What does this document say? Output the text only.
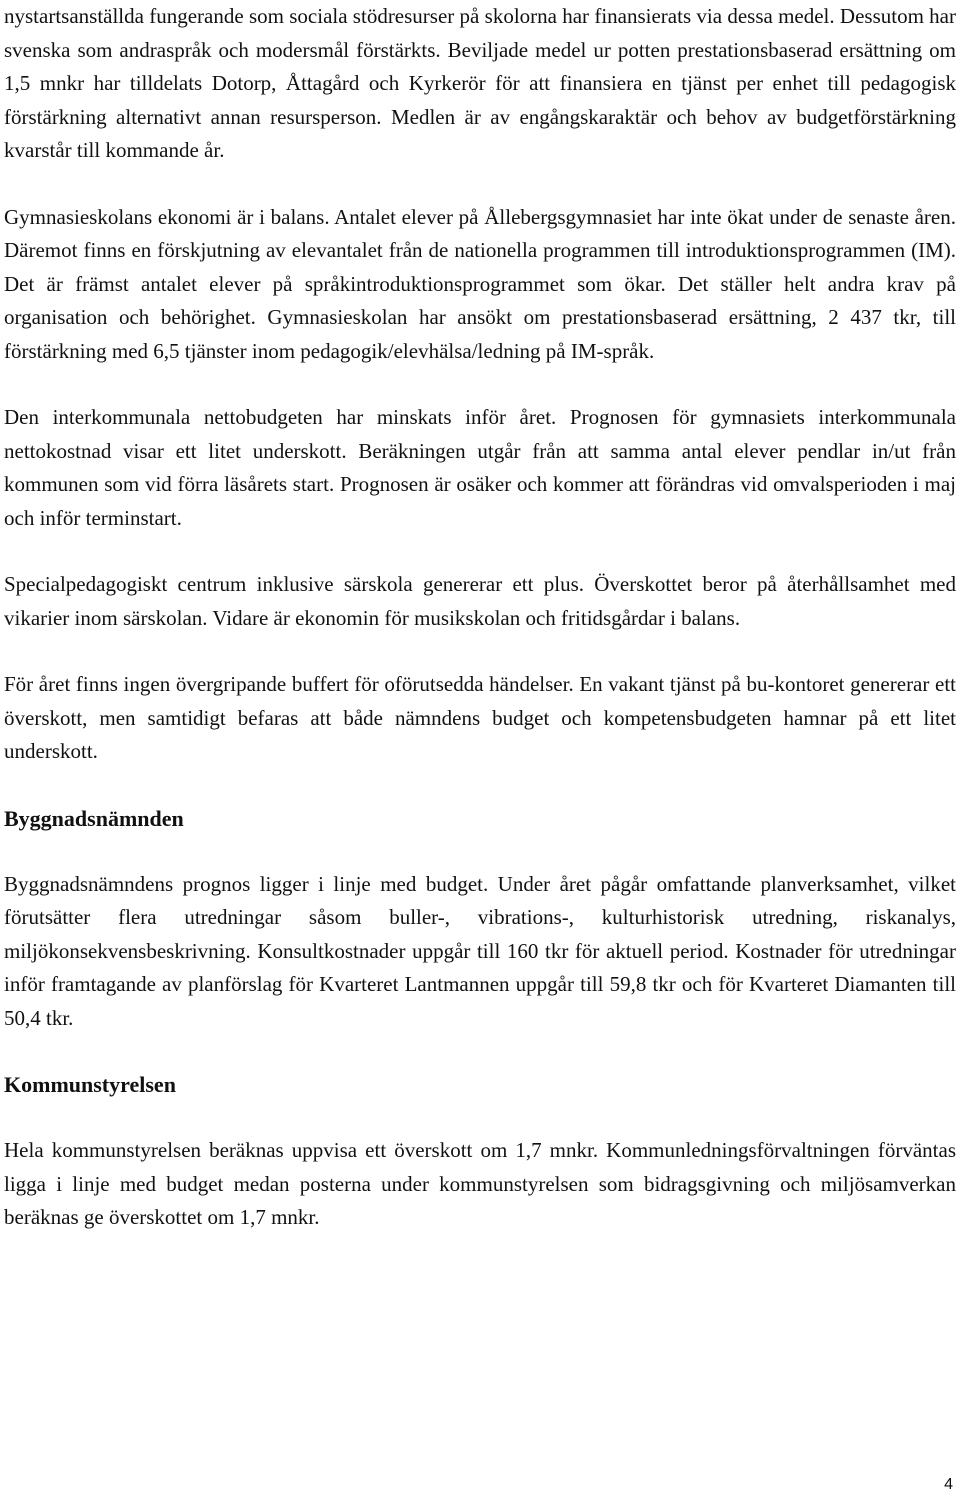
nystartsanställda fungerande som sociala stödresurser på skolorna har finansierats via dessa medel. Dessutom har svenska som andraspråk och modersmål förstärkts. Beviljade medel ur potten prestationsbaserad ersättning om 1,5 mnkr har tilldelats Dotorp, Åttagård och Kyrkerör för att finansiera en tjänst per enhet till pedagogisk förstärkning alternativt annan resursperson. Medlen är av engångskaraktär och behov av budgetförstärkning kvarstår till kommande år.

Gymnasieskolans ekonomi är i balans. Antalet elever på Ållebergsgymnasiet har inte ökat under de senaste åren. Däremot finns en förskjutning av elevantalet från de nationella programmen till introduktionsprogrammen (IM). Det är främst antalet elever på språkintroduktionsprogrammet som ökar. Det ställer helt andra krav på organisation och behörighet. Gymnasieskolan har ansökt om prestationsbaserad ersättning, 2 437 tkr, till förstärkning med 6,5 tjänster inom pedagogik/elevhälsa/ledning på IM-språk.

Den interkommunala nettobudgeten har minskats inför året. Prognosen för gymnasiets interkommunala nettokostnad visar ett litet underskott. Beräkningen utgår från att samma antal elever pendlar in/ut från kommunen som vid förra läsårets start. Prognosen är osäker och kommer att förändras vid omvalsperioden i maj och inför terminstart.

Specialpedagogiskt centrum inklusive särskola genererar ett plus. Överskottet beror på återhållsamhet med vikarier inom särskolan. Vidare är ekonomin för musikskolan och fritidsgårdar i balans.

För året finns ingen övergripande buffert för oförutsedda händelser. En vakant tjänst på bu-kontoret genererar ett överskott, men samtidigt befaras att både nämndens budget och kompetensbudgeten hamnar på ett litet underskott.

Byggnadsnämnden

Byggnadsnämndens prognos ligger i linje med budget. Under året pågår omfattande planverksamhet, vilket förutsätter flera utredningar såsom buller-, vibrations-, kulturhistorisk utredning, riskanalys, miljökonsekvensbeskrivning. Konsultkostnader uppgår till 160 tkr för aktuell period. Kostnader för utredningar inför framtagande av planförslag för Kvarteret Lantmannen uppgår till 59,8 tkr och för Kvarteret Diamanten till 50,4 tkr.

Kommunstyrelsen

Hela kommunstyrelsen beräknas uppvisa ett överskott om 1,7 mnkr. Kommunledningsförvaltningen förväntas ligga i linje med budget medan posterna under kommunstyrelsen som bidragsgivning och miljösamverkan beräknas ge överskottet om 1,7 mnkr.

4
